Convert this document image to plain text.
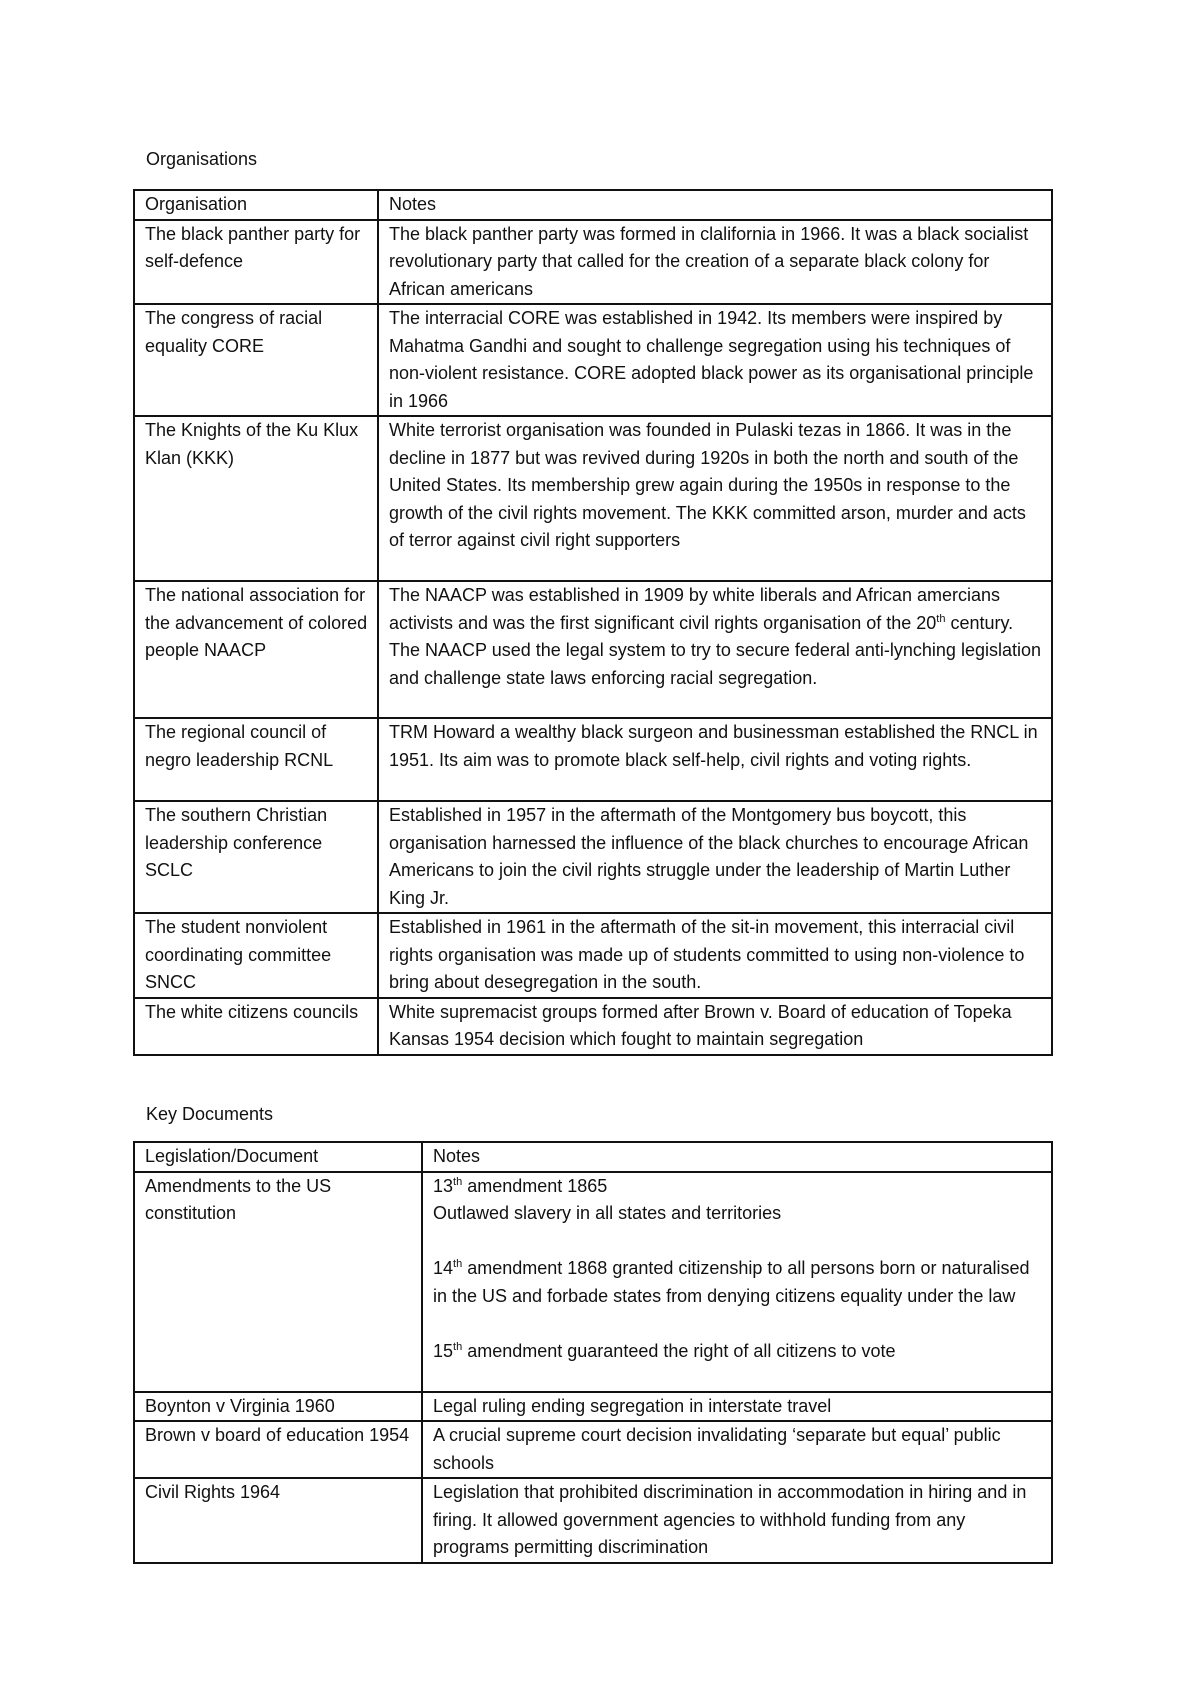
Organisations
Organisation	Notes
The black panther party for self-defence	The black panther party was formed in clalifornia in 1966. It was a black socialist revolutionary party that called for the creation of a separate black colony for African americans
The congress of racial equality CORE	The interracial CORE was established in 1942. Its members were inspired by Mahatma Gandhi and sought to challenge segregation using his techniques of non-violent resistance. CORE adopted black power as its organisational principle in 1966
The Knights of the Ku Klux Klan (KKK)	White terrorist organisation was founded in Pulaski tezas in 1866. It was in the decline in 1877 but was revived during 1920s in both the north and south of the United States. Its membership grew again during the 1950s in response to the growth of the civil rights movement. The KKK committed arson, murder and acts of terror against civil right supporters
The national association for the advancement of colored people NAACP	The NAACP was established in 1909 by white liberals and African amercians activists and was the first significant civil rights organisation of the 20th century. The NAACP used the legal system to try to secure federal anti-lynching legislation and challenge state laws enforcing racial segregation.
The regional council of negro leadership RCNL	TRM Howard a wealthy black surgeon and businessman established the RNCL in 1951. Its aim was to promote black self-help, civil rights and voting rights.
The southern Christian leadership conference SCLC	Established in 1957 in the aftermath of the Montgomery bus boycott, this organisation harnessed the influence of the black churches to encourage African Americans to join the civil rights struggle under the leadership of Martin Luther King Jr.
The student nonviolent coordinating committee SNCC	Established in 1961 in the aftermath of the sit-in movement, this interracial civil rights organisation was made up of students committed to using non-violence to bring about desegregation in the south.
The white citizens councils	White supremacist groups formed after Brown v. Board of education of Topeka Kansas 1954 decision which fought to maintain segregation
Key Documents
Legislation/Document	Notes
Amendments to the US constitution	13th amendment 1865
Outlawed slavery in all states and territories
14th amendment 1868 granted citizenship to all persons born or naturalised in the US and forbade states from denying citizens equality under the law
15th amendment guaranteed the right of all citizens to vote

Boynton v Virginia 1960	Legal ruling ending segregation in interstate travel
Brown v board of education 1954	A crucial supreme court decision invalidating ‘separate but equal’ public schools
Civil Rights 1964	Legislation that prohibited discrimination in accommodation in hiring and in firing. It allowed government agencies to withhold funding from any programs permitting discrimination
